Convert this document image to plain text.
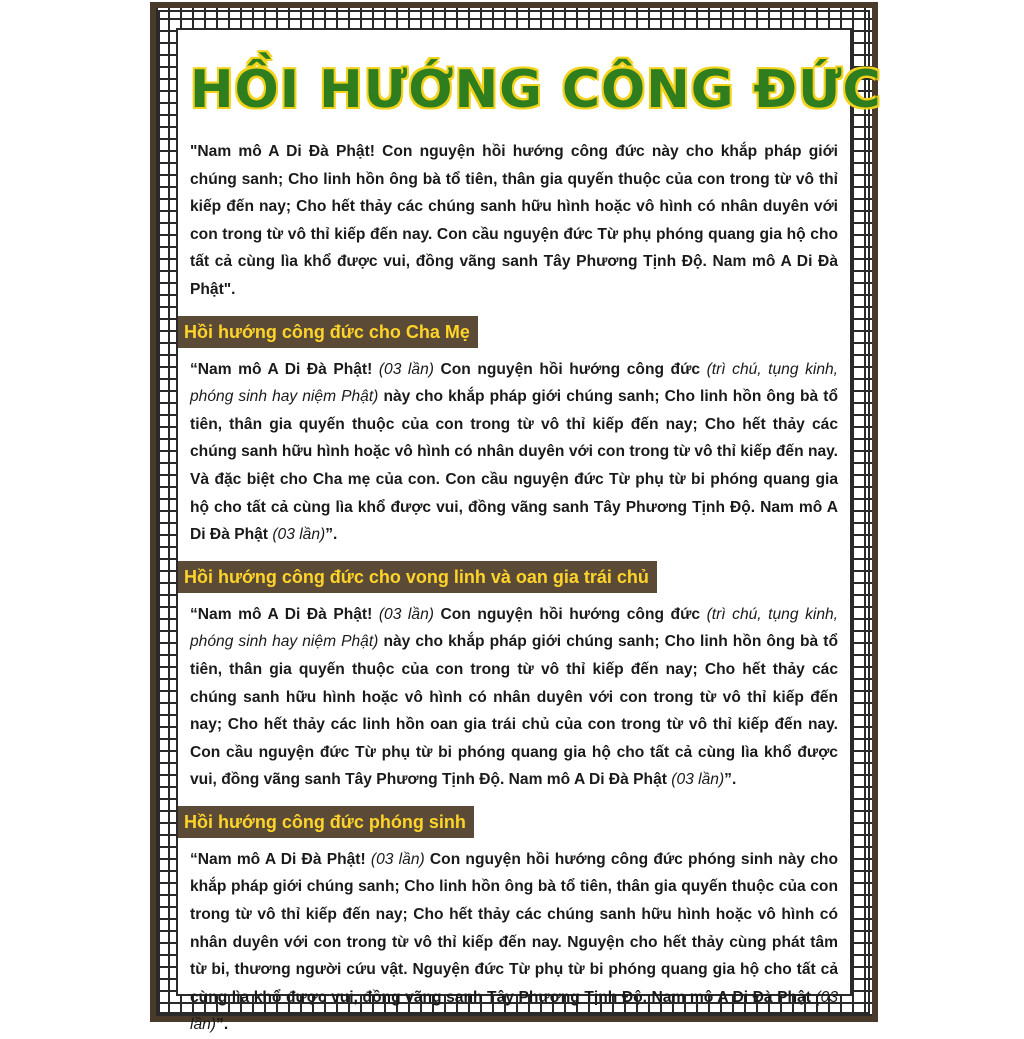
HỒI HƯỚNG CÔNG ĐỨC

"Nam mô A Di Đà Phật! Con nguyện hồi hướng công đức này cho khắp pháp giới chúng sanh; Cho linh hồn ông bà tổ tiên, thân gia quyến thuộc của con trong từ vô thỉ kiếp đến nay; Cho hết thảy các chúng sanh hữu hình hoặc vô hình có nhân duyên với con trong từ vô thỉ kiếp đến nay. Con cầu nguyện đức Từ phụ phóng quang gia hộ cho tất cả cùng lìa khổ được vui, đồng vãng sanh Tây Phương Tịnh Độ. Nam mô A Di Đà Phật".

Hồi hướng công đức cho Cha Mẹ

“Nam mô A Di Đà Phật! (03 lần) Con nguyện hồi hướng công đức (trì chú, tụng kinh, phóng sinh hay niệm Phật) này cho khắp pháp giới chúng sanh; Cho linh hồn ông bà tổ tiên, thân gia quyến thuộc của con trong từ vô thỉ kiếp đến nay; Cho hết thảy các chúng sanh hữu hình hoặc vô hình có nhân duyên với con trong từ vô thỉ kiếp đến nay. Và đặc biệt cho Cha mẹ của con. Con cầu nguyện đức Từ phụ từ bi phóng quang gia hộ cho tất cả cùng lìa khổ được vui, đồng vãng sanh Tây Phương Tịnh Độ. Nam mô A Di Đà Phật (03 lần)”.

Hồi hướng công đức cho vong linh và oan gia trái chủ

“Nam mô A Di Đà Phật! (03 lần) Con nguyện hồi hướng công đức (trì chú, tụng kinh, phóng sinh hay niệm Phật) này cho khắp pháp giới chúng sanh; Cho linh hồn ông bà tổ tiên, thân gia quyến thuộc của con trong từ vô thỉ kiếp đến nay; Cho hết thảy các chúng sanh hữu hình hoặc vô hình có nhân duyên với con trong từ vô thỉ kiếp đến nay; Cho hết thảy các linh hồn oan gia trái chủ của con trong từ vô thỉ kiếp đến nay. Con cầu nguyện đức Từ phụ từ bi phóng quang gia hộ cho tất cả cùng lìa khổ được vui, đồng vãng sanh Tây Phương Tịnh Độ. Nam mô A Di Đà Phật (03 lần)”.

Hồi hướng công đức phóng sinh

“Nam mô A Di Đà Phật! (03 lần) Con nguyện hồi hướng công đức phóng sinh này cho khắp pháp giới chúng sanh; Cho linh hồn ông bà tổ tiên, thân gia quyến thuộc của con trong từ vô thỉ kiếp đến nay; Cho hết thảy các chúng sanh hữu hình hoặc vô hình có nhân duyên với con trong từ vô thỉ kiếp đến nay. Nguyện cho hết thảy cùng phát tâm từ bi, thương người cứu vật. Nguyện đức Từ phụ từ bi phóng quang gia hộ cho tất cả cùng lìa khổ được vui, đồng vãng sanh Tây Phương Tịnh Độ. Nam mô A Di Đà Phật (03 lần)”.
